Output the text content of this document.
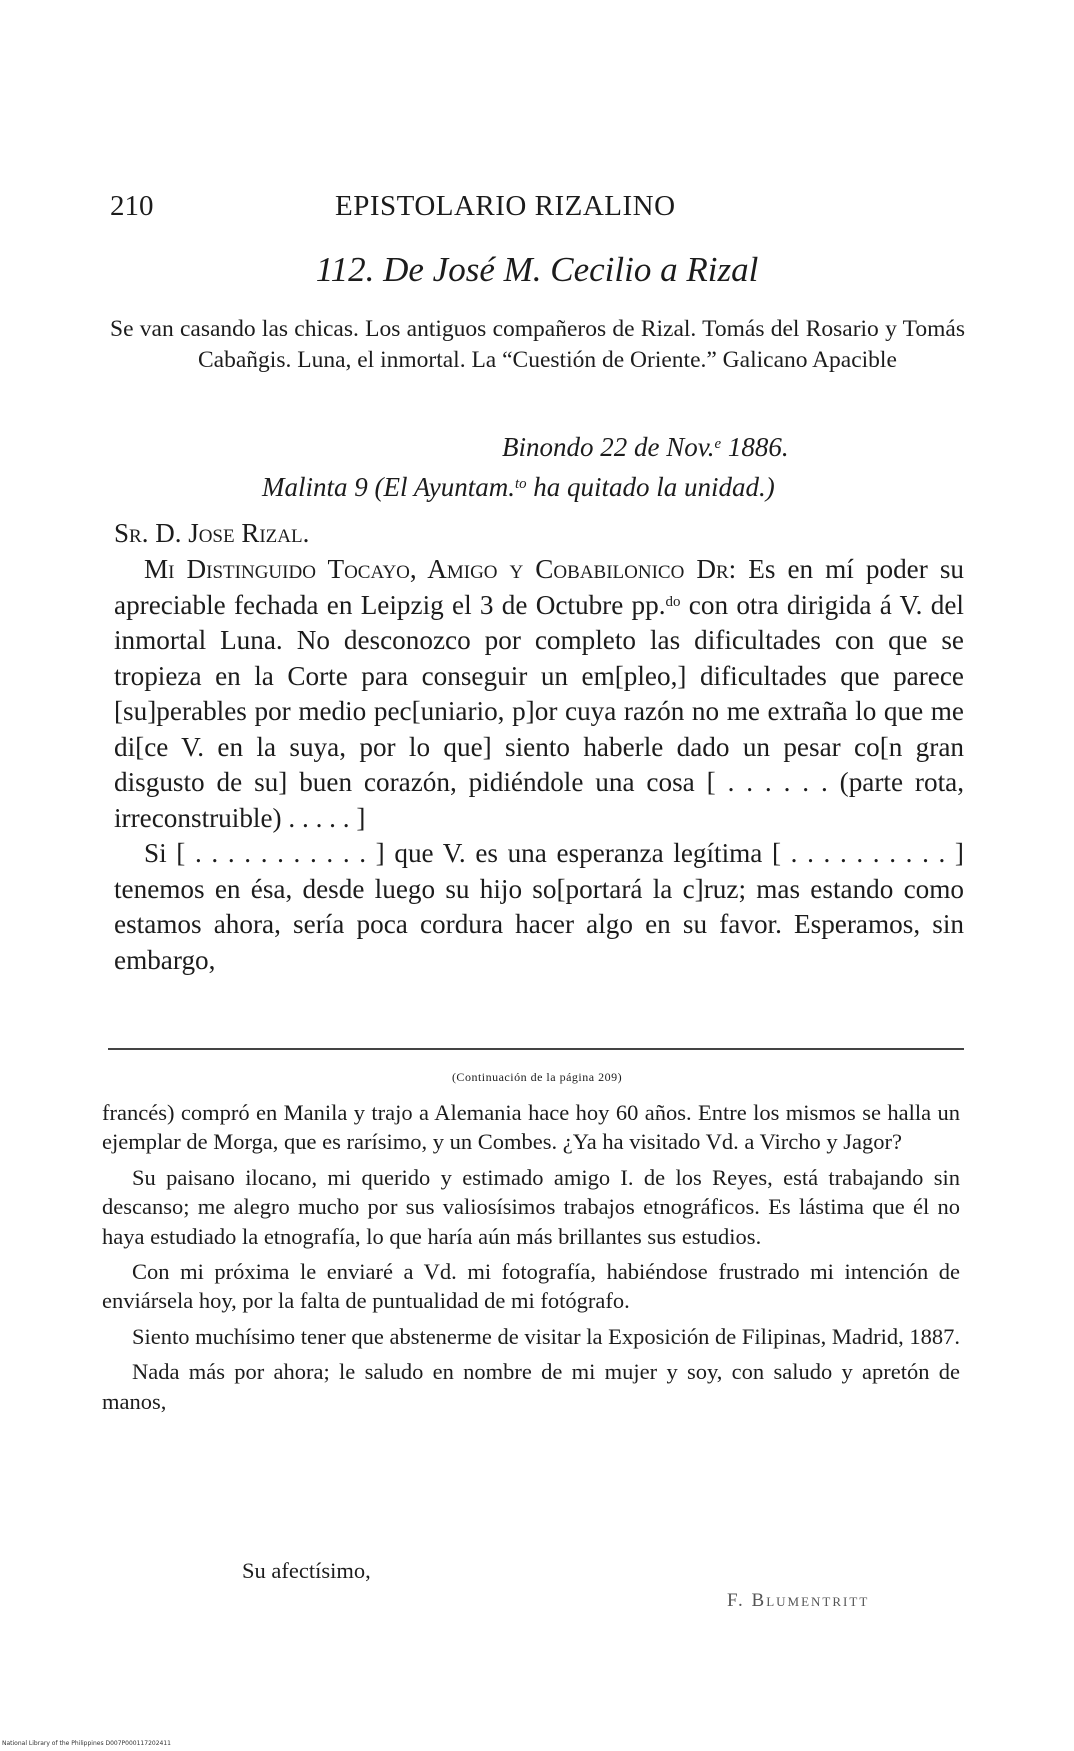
210	EPISTOLARIO RIZALINO
112. De José M. Cecilio a Rizal
Se van casando las chicas. Los antiguos compañeros de Rizal. Tomás del Rosario y Tomás Cabañgis. Luna, el inmortal. La “Cuestión de Oriente.” Galicano Apacible
Binondo 22 de Nov.$^e$ 1886.
Malinta 9 (El Ayuntam.$^{to}$ ha quitado la unidad.)
Sr. D. Jose Rizal.

Mi Distinguido Tocayo, Amigo y Cobabilonico Dr: Es en mí poder su apreciable fechada en Leipzig el 3 de Octubre pp.$^{do}$ con otra dirigida á V. del inmortal Luna. No desconozco por completo las dificultades con que se tropieza en la Corte para conseguir un em[pleo,] dificultades que parece [su]perables por medio pec[uniario, p]or cuya razón no me extraña lo que me di[ce V. en la suya, por lo que] siento haberle dado un pesar co[n gran disgusto de su] buen corazón, pidiéndole una cosa [ . . . . . . (parte rota, irreconstruible) . . . . . ]

Si [ . . . . . . . . . . . ] que V. es una esperanza legítima [ . . . . . . . . . . ] tenemos en ésa, desde luego su hijo so[portará la c]ruz; mas estando como estamos ahora, sería poca cordura hacer algo en su favor. Esperamos, sin embargo,

(Continuación de la página 209)

francés) compró en Manila y trajo a Alemania hace hoy 60 años. Entre los mismos se halla un ejemplar de Morga, que es rarísimo, y un Combes. ¿Ya ha visitado Vd. a Vircho y Jagor?

Su paisano ilocano, mi querido y estimado amigo I. de los Reyes, está trabajando sin descanso; me alegro mucho por sus valiosísimos trabajos etnográficos. Es lástima que él no haya estudiado la etnografía, lo que haría aún más brillantes sus estudios.

Con mi próxima le enviaré a Vd. mi fotografía, habiéndose frustrado mi intención de enviársela hoy, por la falta de puntualidad de mi fotógrafo.

Siento muchísimo tener que abstenerme de visitar la Exposición de Filipinas, Madrid, 1887.

Nada más por ahora; le saludo en nombre de mi mujer y soy, con saludo y apretón de manos,

Su afectísimo,
F. Blumentritt
National Library of the Philippines D007P000117202411
